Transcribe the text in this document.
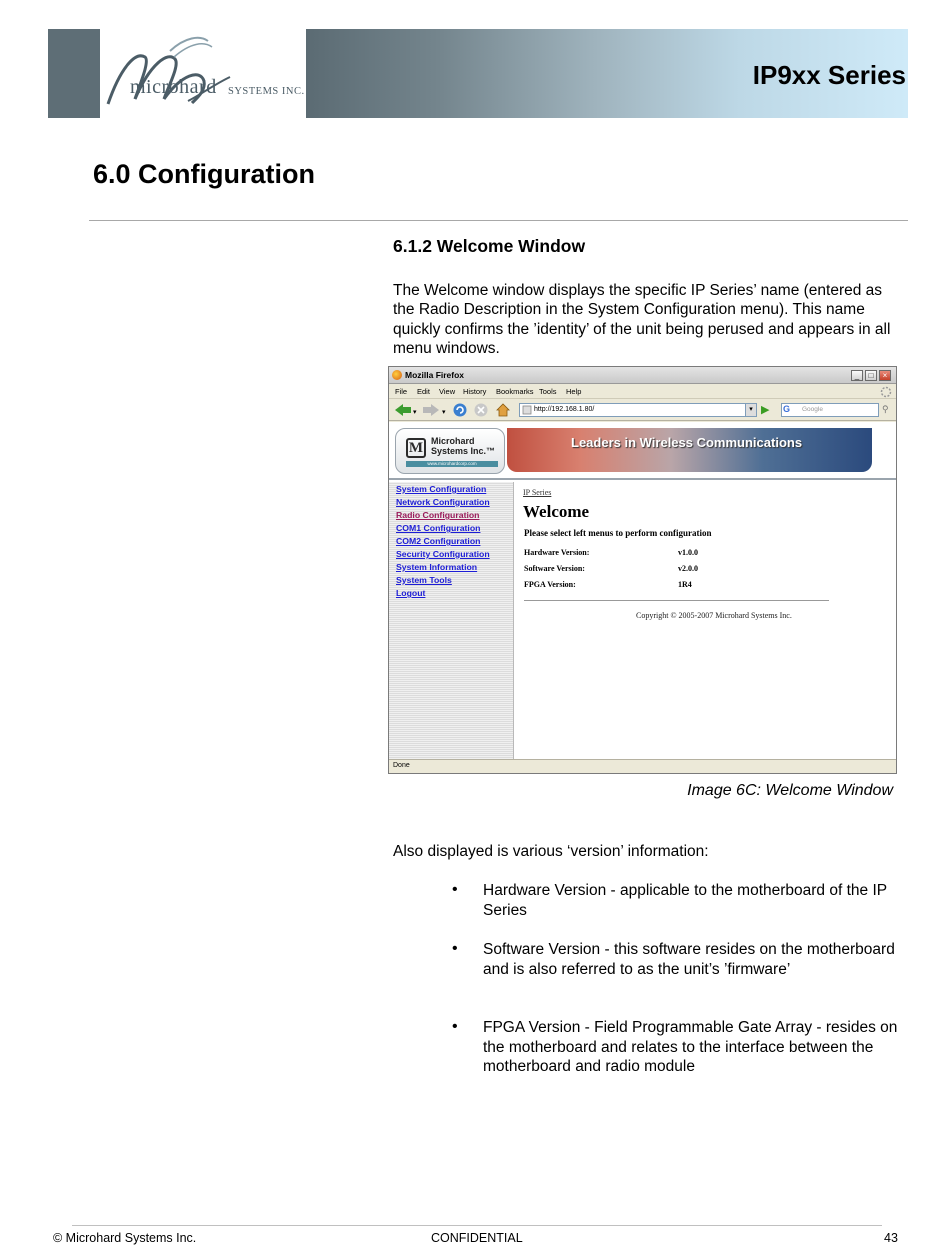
microhard SYSTEMS INC.
IP9xx Series
6.0 Configuration
6.1.2 Welcome Window

The Welcome window displays the specific IP Series’ name (entered as the Radio Description in the System Configuration menu). This name quickly confirms the ’identity’ of the unit being perused and appears in all menu windows.

Mozilla Firefox	_	□	×
File Edit View History Bookmarks Tools Help
▾	▾	http://192.168.1.80/	▾ ▶	Google
G	⚲
M Microhard
Systems Inc.™
www.microhardcorp.com
Leaders in Wireless Communications
System Configuration
Network Configuration
Radio Configuration
COM1 Configuration
COM2 Configuration
Security Configuration
System Information
System Tools
Logout
IP Series
Welcome
Please select left menus to perform configuration
Hardware Version:	v1.0.0
Software Version:	v2.0.0
FPGA Version:	1R4
Copyright © 2005-2007 Microhard Systems Inc.
Done
Image 6C: Welcome Window

Also displayed is various ‘version’ information:

• Hardware Version - applicable to the motherboard of the IP Series

• Software Version - this software resides on the motherboard and is also referred to as the unit’s ’firmware’

• FPGA Version - Field Programmable Gate Array - resides on the motherboard and relates to the interface between the motherboard and radio module

© Microhard Systems Inc.	CONFIDENTIAL	43
